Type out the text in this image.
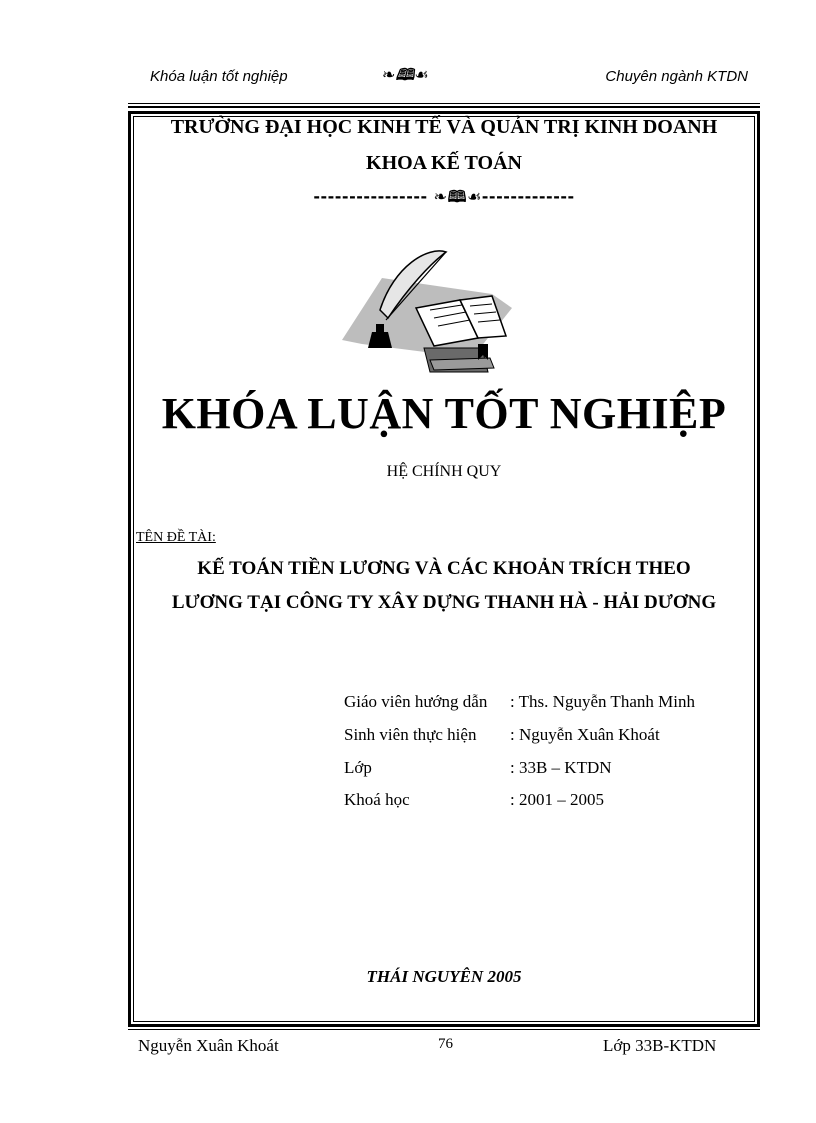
Khóa luận tốt nghiệp	❧🕮☙	Chuyên ngành KTDN
TRƯỜNG ĐẠI HỌC KINH TẾ VÀ QUẢN TRỊ KINH DOANH
KHOA KẾ TOÁN
---------------- ❧🕮☙-------------
KHÓA LUẬN TỐT NGHIỆP
HỆ CHÍNH QUY
TÊN ĐỀ TÀI:
KẾ TOÁN TIỀN LƯƠNG VÀ CÁC KHOẢN TRÍCH THEO
LƯƠNG TẠI CÔNG TY XÂY DỰNG THANH HÀ - HẢI DƯƠNG
Giáo viên hướng dẫn : Ths. Nguyễn Thanh Minh
Sinh viên thực hiện : Nguyễn Xuân Khoát
Lớp	: 33B – KTDN
Khoá học	: 2001 – 2005
THÁI NGUYÊN 2005
Nguyễn Xuân Khoát	76	Lớp 33B-KTDN
